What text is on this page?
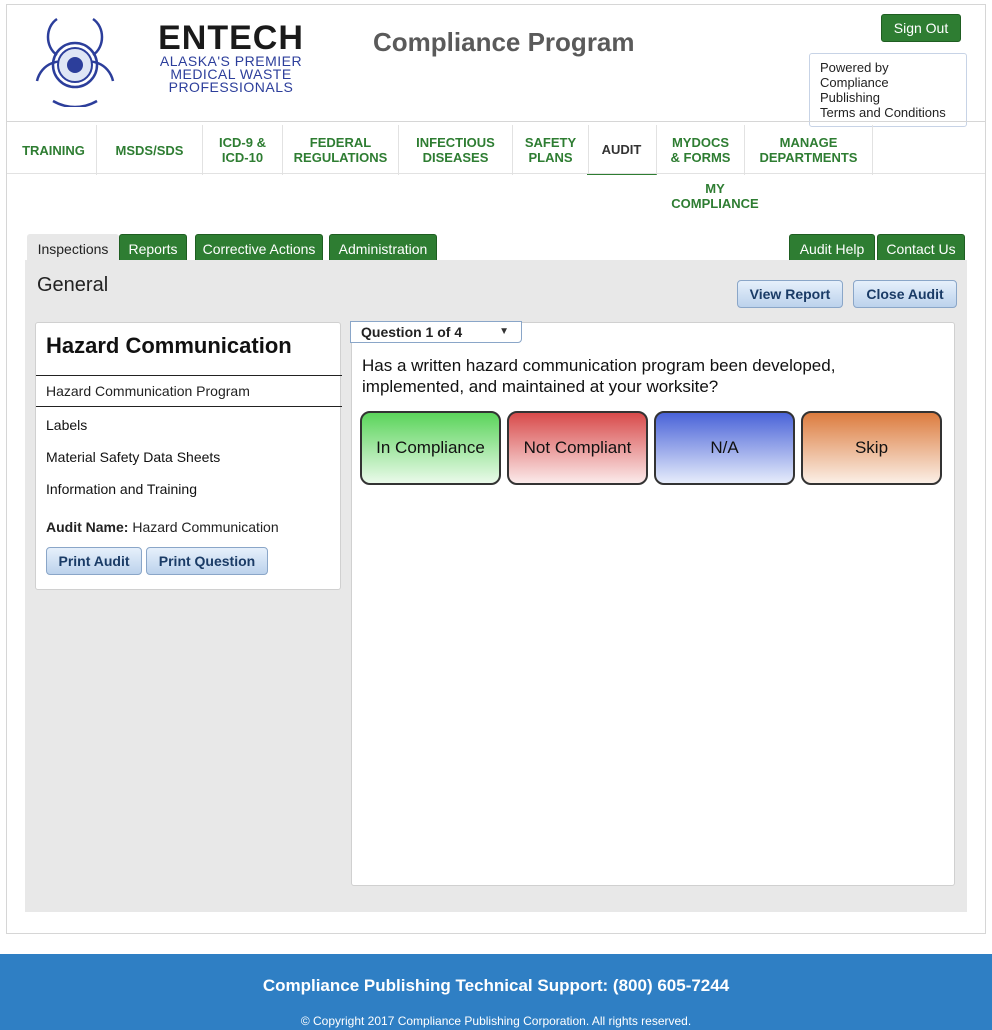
ENTECH
ALASKA'S PREMIER
MEDICAL WASTE
PROFESSIONALS
Compliance Program	Sign Out
Powered by
Compliance
Publishing
Terms and Conditions
TRAINING	MSDS/SDS	ICD-9 & ICD-10
FEDERAL REGULATIONS
INFECTIOUS DISEASES
SAFETY PLANS
AUDIT	MYDOCS & FORMS
MANAGE DEPARTMENTS
MY COMPLIANCE
Inspections	Reports	Corrective Actions	Administration	Audit Help	Contact Us
General	View Report	Close Audit
Hazard Communication
Hazard Communication Program
Labels
Material Safety Data Sheets
Information and Training
Audit Name: Hazard Communication
Print Audit	Print Question
Question 1 of 4	▼
Has a written hazard communication program been developed, implemented, and maintained at your worksite?
In Compliance	Not Compliant	N/A	Skip
Compliance Publishing Technical Support: (800) 605-7244
© Copyright 2017 Compliance Publishing Corporation. All rights reserved.
